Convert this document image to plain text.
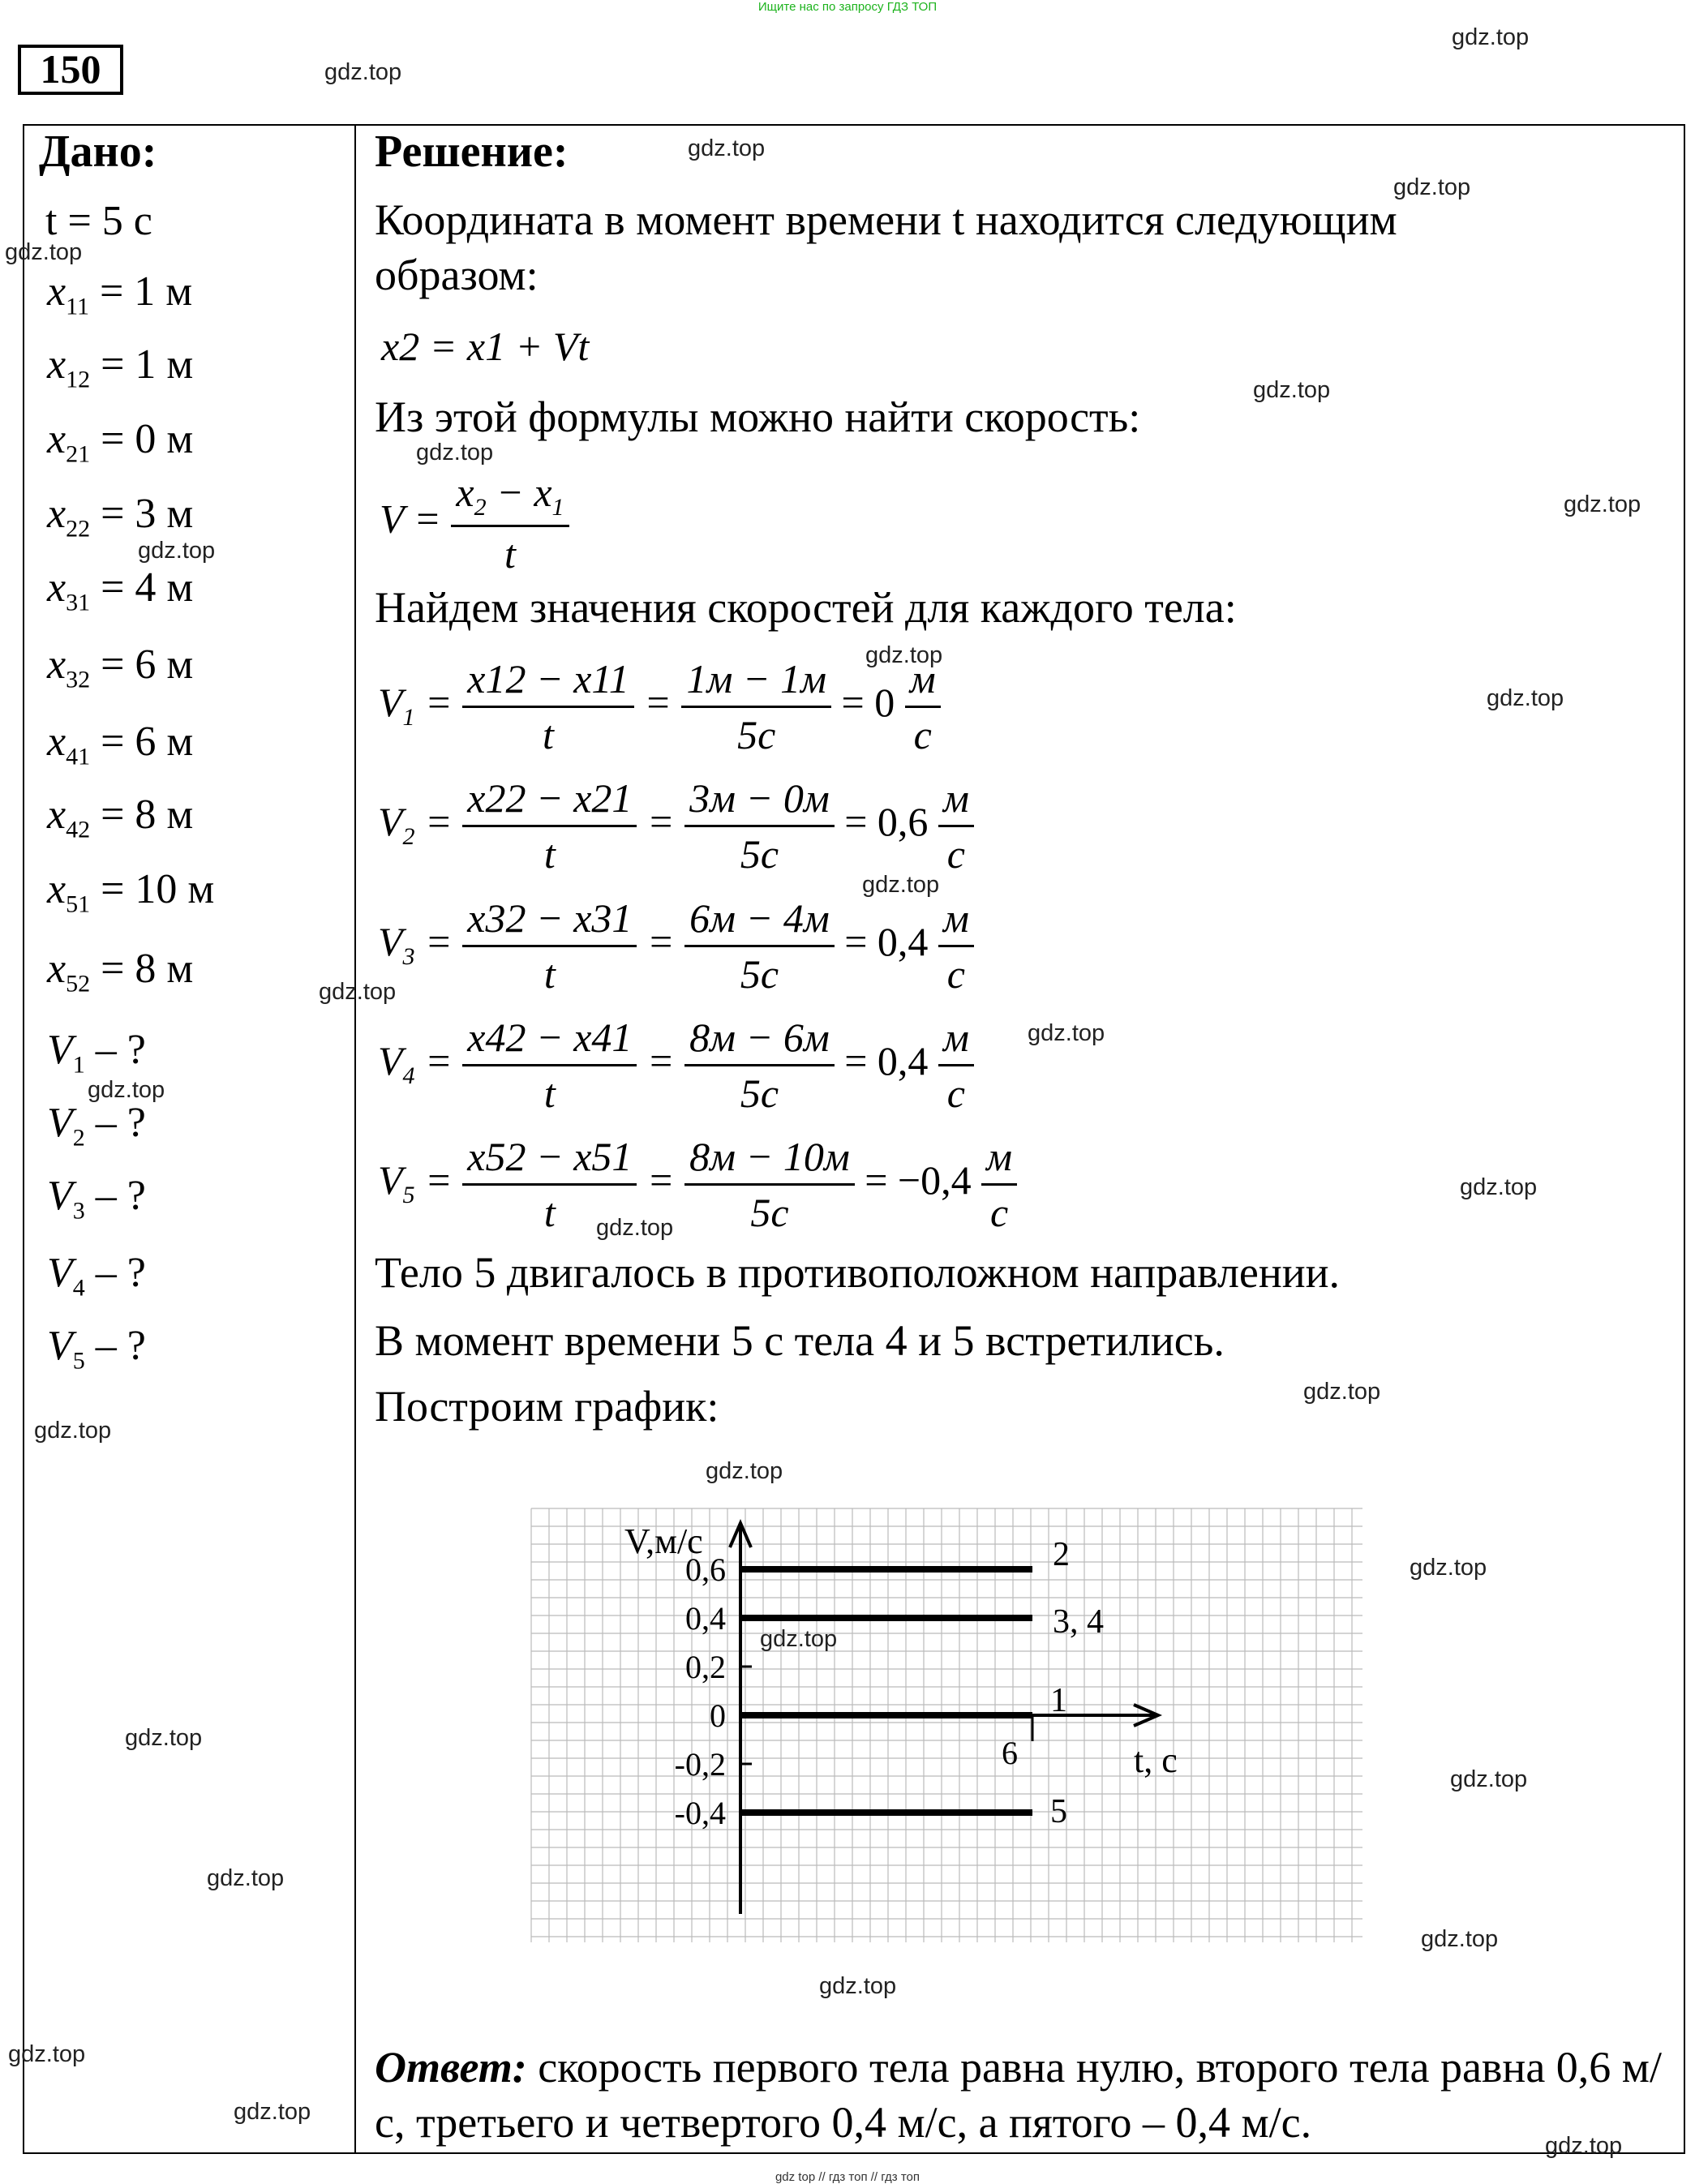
Ищите нас по запросу ГДЗ ТОП
150
Дано:
t = 5 с
$x_{11} = 1$ м
$x_{12} = 1$ м
$x_{21} = 0$ м
$x_{22} = 3$ м
$x_{31} = 4$ м
$x_{32} = 6$ м
$x_{41} = 6$ м
$x_{42} = 8$ м
$x_{51} = 10$ м
$x_{52} = 8$ м
$V_1$ – ?
$V_2$ – ?
$V_3$ – ?
$V_4$ – ?
$V_5$ – ?
Решение:
Координата в момент времени t находится следующим
образом:
x2 = x1 + Vt
Из этой формулы можно найти скорость:
$V = \frac{x_2 - x_1}{t}$
Найдем значения скоростей для каждого тела:
$V_1 = \frac{x12 - x11}{t} = \frac{1м - 1м}{5с} = 0 \frac{м}{с}$
$V_2 = \frac{x22 - x21}{t} = \frac{3м - 0м}{5с} = 0,6 \frac{м}{с}$
$V_3 = \frac{x32 - x31}{t} = \frac{6м - 4м}{5с} = 0,4 \frac{м}{с}$
$V_4 = \frac{x42 - x41}{t} = \frac{8м - 6м}{5с} = 0,4 \frac{м}{с}$
$V_5 = \frac{x52 - x51}{t} = \frac{8м - 10м}{5с} = -0,4 \frac{м}{с}$
Тело 5 двигалось в противоположном направлении.
В момент времени 5 с тела 4 и 5 встретились.
Построим график:
V,м/с
t, с
0,6
0,4
0,2
0
-0,2
-0,4
6
2
3, 4
1
5
Ответ: скорость первого тела равна нулю, второго тела равна 0,6 м/с, третьего и четвертого 0,4 м/с, а пятого – 0,4 м/с.
gdz.top
gdz.top
gdz.top
gdz.top
gdz.top
gdz.top
gdz.top
gdz.top
gdz.top
gdz.top
gdz.top
gdz.top
gdz.top
gdz.top
gdz.top
gdz.top
gdz.top
gdz.top
gdz.top
gdz.top
gdz.top
gdz.top
gdz.top
gdz.top
gdz.top
gdz.top
gdz.top
gdz.top
gdz.top
gdz.top
gdz top // гдз топ // гдз топ
